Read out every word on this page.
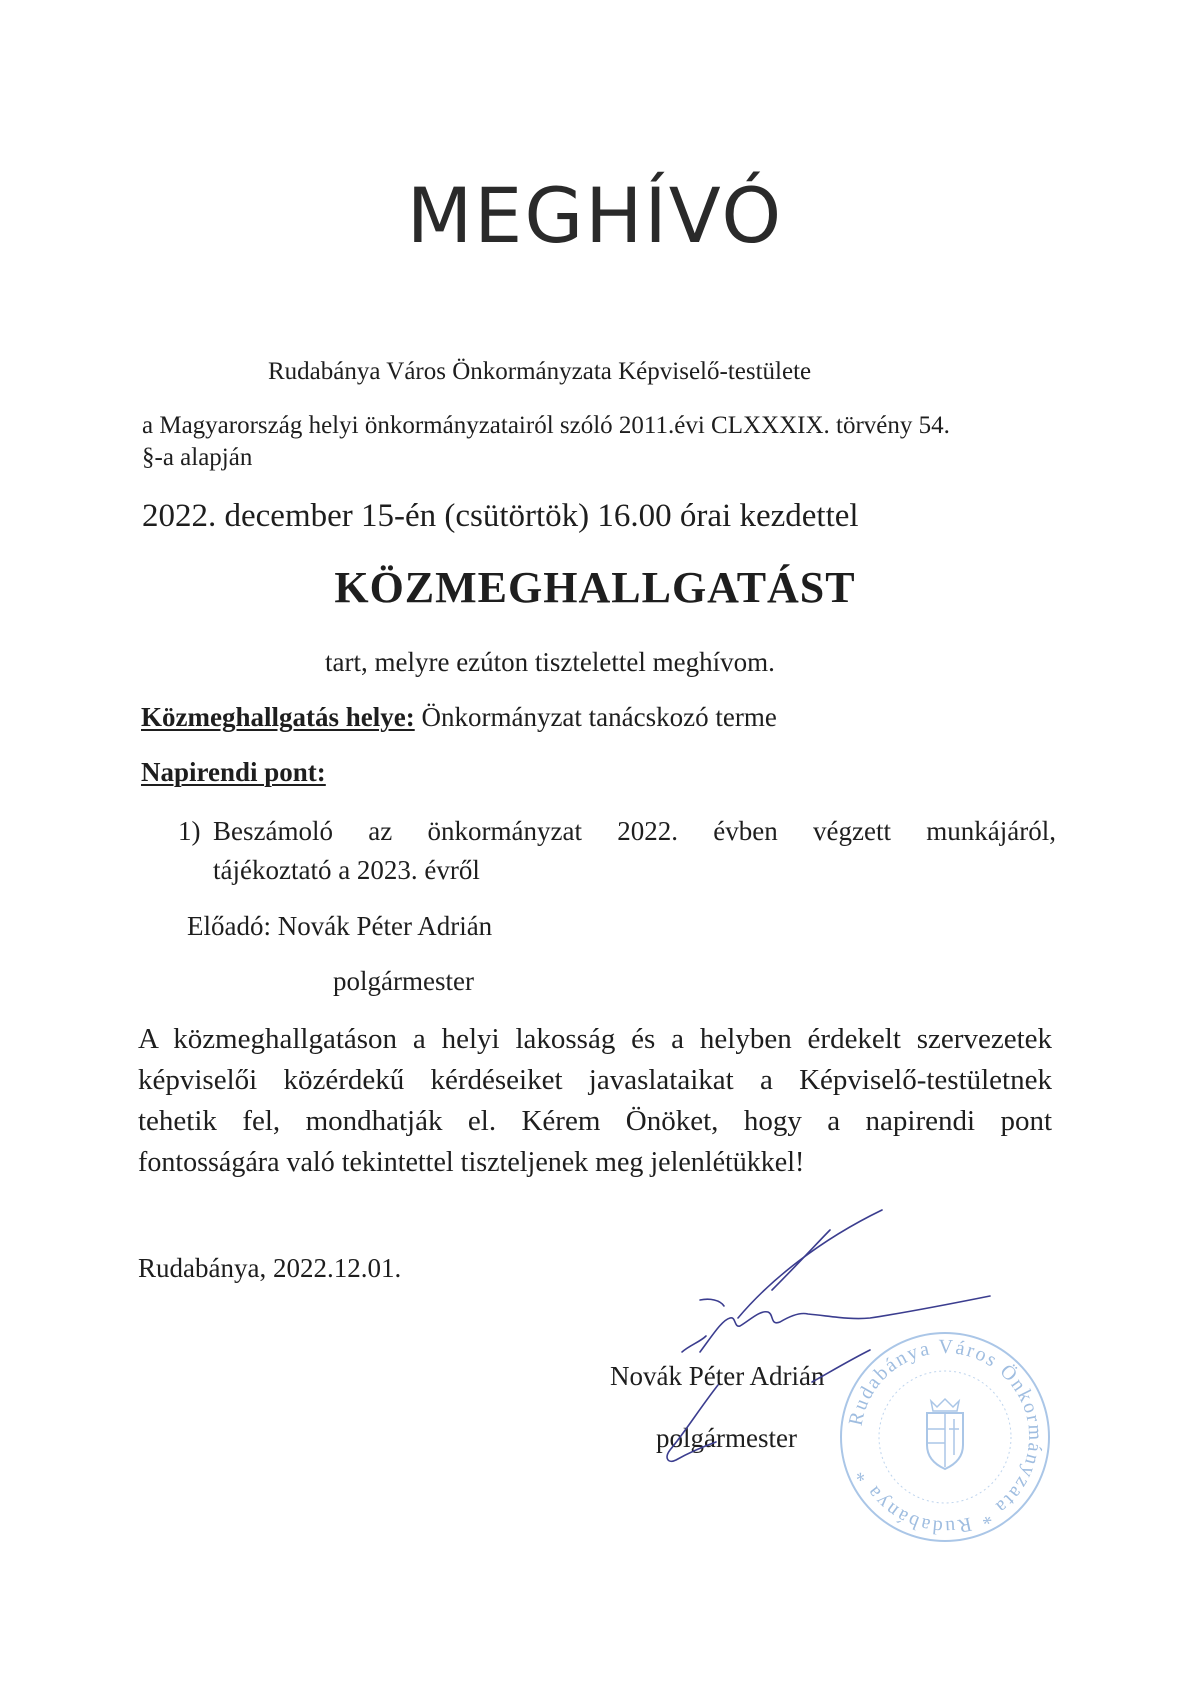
MEGHÍVÓ
Rudabánya Város Önkormányzata Képviselő-testülete
a Magyarország helyi önkormányzatairól szóló 2011.évi CLXXXIX. törvény 54.
§-a alapján
2022. december 15-én (csütörtök) 16.00 órai kezdettel
KÖZMEGHALLGATÁST
tart, melyre ezúton tisztelettel meghívom.
Közmeghallgatás helye: Önkormányzat tanácskozó terme
Napirendi pont:
1) Beszámoló az önkormányzat 2022. évben végzett munkájáról,
tájékoztató a 2023. évről
Előadó: Novák Péter Adrián
polgármester
A közmeghallgatáson a helyi lakosság és a helyben érdekelt szervezetek
képviselői közérdekű kérdéseiket javaslataikat a Képviselő-testületnek
tehetik fel, mondhatják el. Kérem Önöket, hogy a napirendi pont
fontosságára való tekintettel tiszteljenek meg jelenlétükkel!
Rudabánya, 2022.12.01.
Rudabánya Város Önkormányzata * Rudabánya *
Novák Péter Adrián
polgármester
